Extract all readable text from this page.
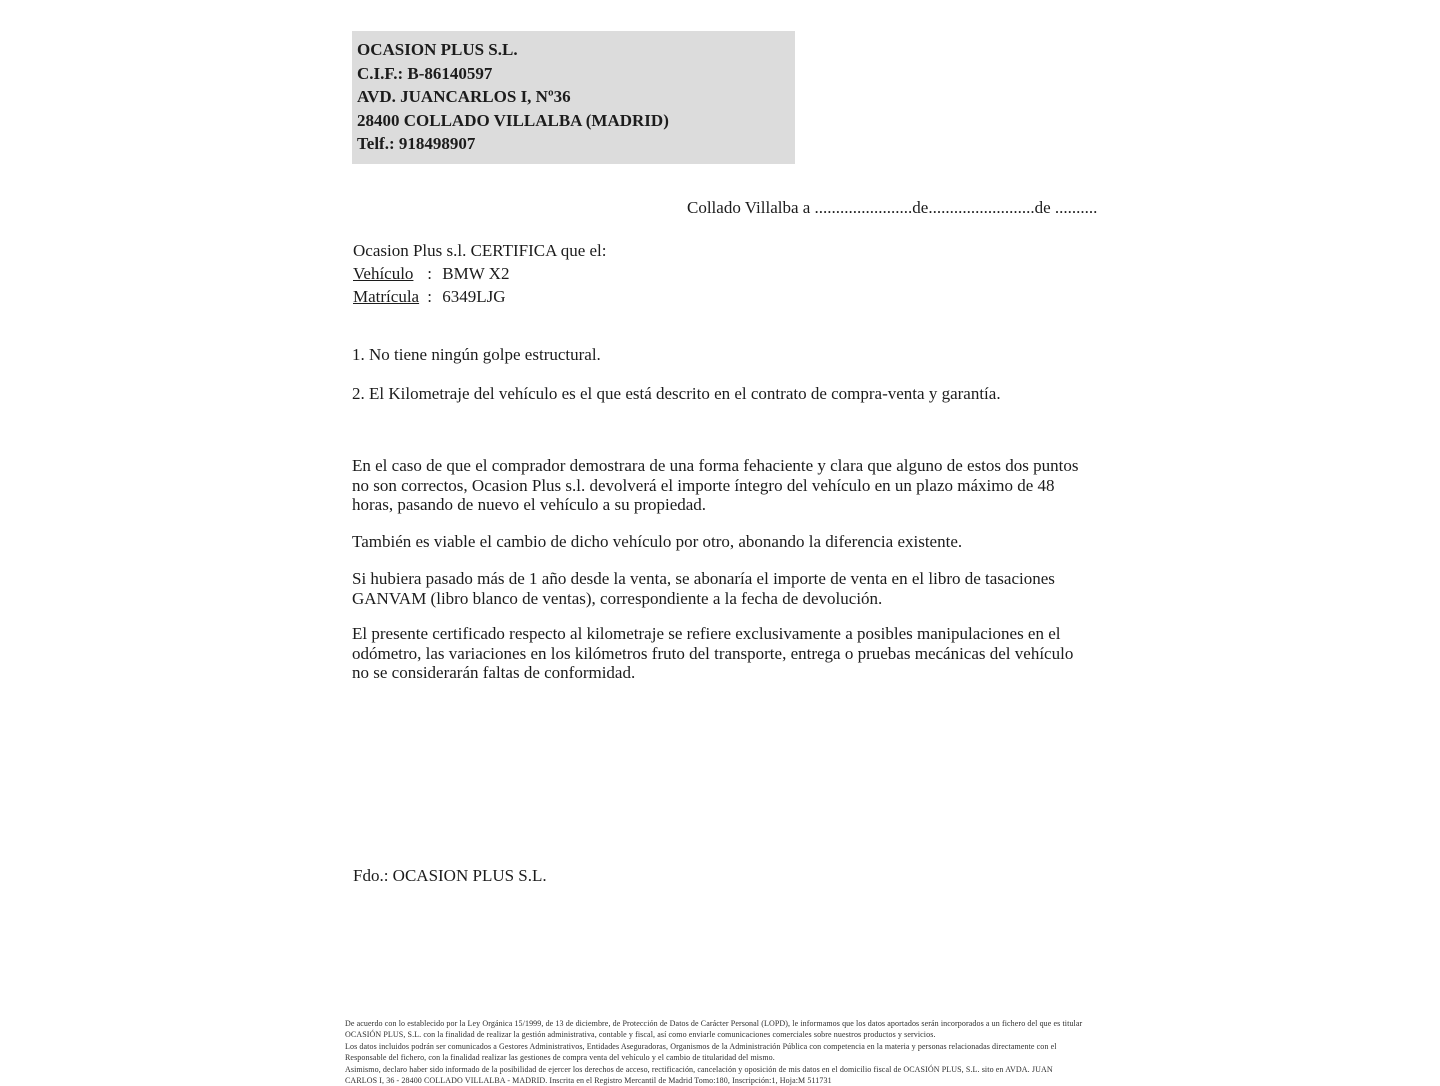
OCASION PLUS S.L.
C.I.F.: B-86140597
AVD. JUANCARLOS I, Nº36
28400 COLLADO VILLALBA (MADRID)
Telf.: 918498907
Collado Villalba a .......................de.........................de ..........
Ocasion Plus s.l. CERTIFICA que el:
Vehículo : BMW X2
Matrícula : 6349LJG
1. No tiene ningún golpe estructural.
2. El Kilometraje del vehículo es el que está descrito en el contrato de compra-venta y garantía.
En el caso de que el comprador demostrara de una forma fehaciente y clara que alguno de estos dos puntos no son correctos, Ocasion Plus s.l. devolverá el importe íntegro del vehículo en un plazo máximo de 48 horas, pasando de nuevo el vehículo a su propiedad.
También es viable el cambio de dicho vehículo por otro, abonando la diferencia existente.
Si hubiera pasado más de 1 año desde la venta, se abonaría el importe de venta en el libro de tasaciones GANVAM (libro blanco de ventas), correspondiente a la fecha de devolución.
El presente certificado respecto al kilometraje se refiere exclusivamente a posibles manipulaciones en el odómetro, las variaciones en los kilómetros fruto del transporte, entrega o pruebas mecánicas del vehículo no se considerarán faltas de conformidad.
Fdo.: OCASION PLUS S.L.
De acuerdo con lo establecido por la Ley Orgánica 15/1999, de 13 de diciembre, de Protección de Datos de Carácter Personal (LOPD), le informamos que los datos aportados serán incorporados a un fichero del que es titular
OCASIÓN PLUS, S.L. con la finalidad de realizar la gestión administrativa, contable y fiscal, así como enviarle comunicaciones comerciales sobre nuestros productos y servicios.
Los datos incluidos podrán ser comunicados a Gestores Administrativos, Entidades Aseguradoras, Organismos de la Administración Pública con competencia en la materia y personas relacionadas directamente con el
Responsable del fichero, con la finalidad realizar las gestiones de compra venta del vehículo y el cambio de titularidad del mismo.
Asimismo, declaro haber sido informado de la posibilidad de ejercer los derechos de acceso, rectificación, cancelación y oposición de mis datos en el domicilio fiscal de OCASIÓN PLUS, S.L. sito en AVDA. JUAN
CARLOS I, 36 - 28400 COLLADO VILLALBA - MADRID. Inscrita en el Registro Mercantil de Madrid Tomo:180, Inscripción:1, Hoja:M 511731
